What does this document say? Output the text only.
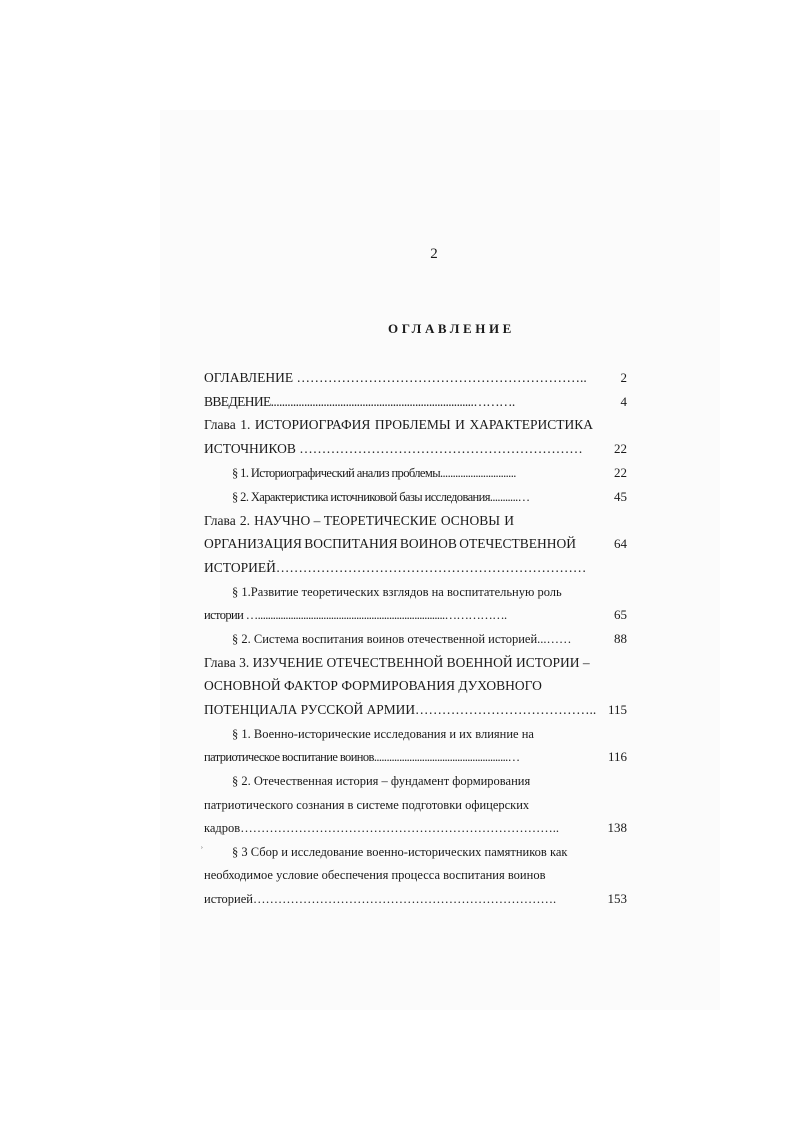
2
ОГЛАВЛЕНИЕ
ОГЛАВЛЕНИЕ ………………………………………………………..	2
ВВЕДЕНИЕ.........................................................................……….	4
Глава 1. ИСТОРИОГРАФИЯ ПРОБЛЕМЫ И ХАРАКТЕРИСТИКА
ИСТОЧНИКОВ ……………………………………………………… 22
§ 1. Историографический анализ проблемы..............................	22
§ 2. Характеристика источниковой базы исследования...........…	45
Глава 2. НАУЧНО – ТЕОРЕТИЧЕСКИЕ ОСНОВЫ И
ОРГАНИЗАЦИЯ ВОСПИТАНИЯ ВОИНОВ ОТЕЧЕСТВЕННОЙ	64
ИСТОРИЕЙ……………………………………………………………
§ 1.Развитие теоретических взглядов на воспитательную роль
истории …..........................................................................…………….	65
§ 2. Система воспитания воинов отечественной историей...……	88
Глава 3. ИЗУЧЕНИЕ ОТЕЧЕСТВЕННОЙ ВОЕННОЙ ИСТОРИИ –
ОСНОВНОЙ ФАКТОР ФОРМИРОВАНИЯ ДУХОВНОГО
ПОТЕНЦИАЛА РУССКОЙ АРМИИ………………………………….. 115
§ 1. Военно-исторические исследования и их влияние на
патриотическое воспитание воинов.....................................................…	116
§ 2. Отечественная история – фундамент формирования
патриотического сознания в системе подготовки офицерских
кадров…………………………………………………………………..	138
ʾ § 3 Сбор и исследование военно-исторических памятников как
необходимое условие обеспечения процесса воспитания воинов
историей……………………………………………………………….	153
